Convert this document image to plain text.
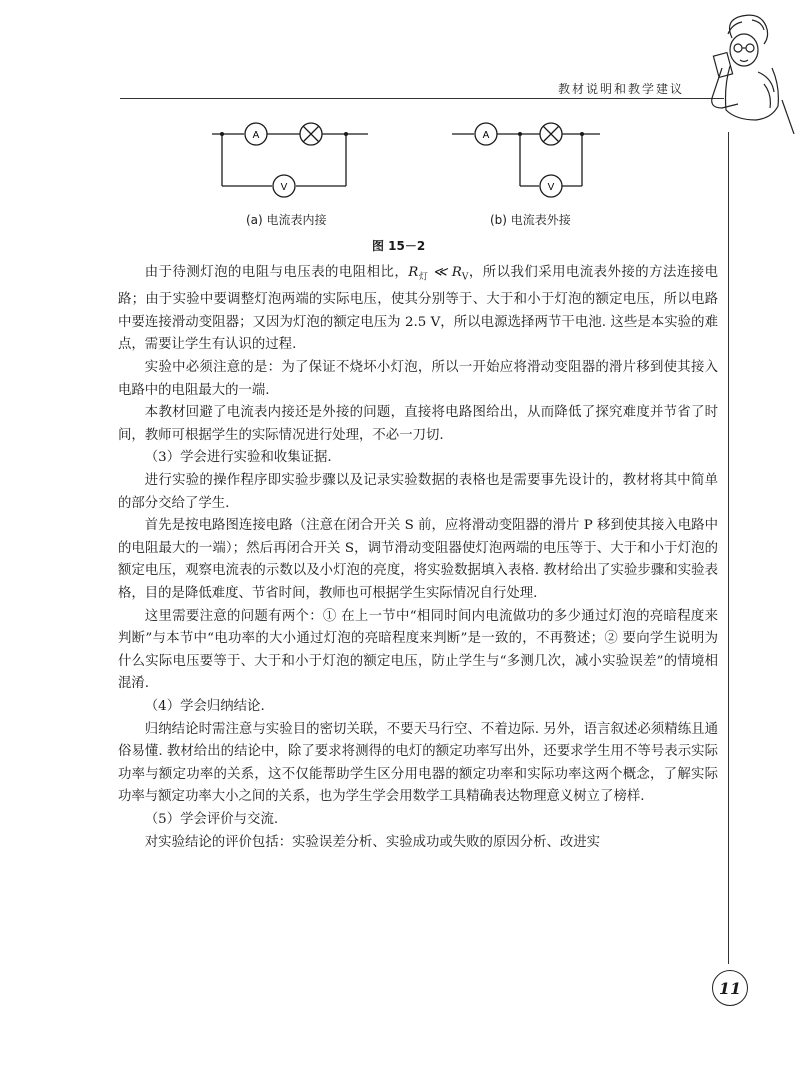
教材说明和教学建议
A
V
(a) 电流表内接
A
V
(b) 电流表外接
图 15－2

由于待测灯泡的电阻与电压表的电阻相比，$R_灯$ ≪ $R_V$，所以我们采用电流表外接的方法连接电路；由于实验中要调整灯泡两端的实际电压，使其分别等于、大于和小于灯泡的额定电压，所以电路中要连接滑动变阻器；又因为灯泡的额定电压为 2.5 V，所以电源选择两节干电池. 这些是本实验的难点，需要让学生有认识的过程.

实验中必须注意的是：为了保证不烧坏小灯泡，所以一开始应将滑动变阻器的滑片移到使其接入电路中的电阻最大的一端.

本教材回避了电流表内接还是外接的问题，直接将电路图给出，从而降低了探究难度并节省了时间，教师可根据学生的实际情况进行处理，不必一刀切.

（3）学会进行实验和收集证据.

进行实验的操作程序即实验步骤以及记录实验数据的表格也是需要事先设计的，教材将其中简单的部分交给了学生.

首先是按电路图连接电路（注意在闭合开关 S 前，应将滑动变阻器的滑片 P 移到使其接入电路中的电阻最大的一端）；然后再闭合开关 S，调节滑动变阻器使灯泡两端的电压等于、大于和小于灯泡的额定电压，观察电流表的示数以及小灯泡的亮度，将实验数据填入表格. 教材给出了实验步骤和实验表格，目的是降低难度、节省时间，教师也可根据学生实际情况自行处理.

这里需要注意的问题有两个：① 在上一节中“相同时间内电流做功的多少通过灯泡的亮暗程度来判断”与本节中“电功率的大小通过灯泡的亮暗程度来判断”是一致的，不再赘述；② 要向学生说明为什么实际电压要等于、大于和小于灯泡的额定电压，防止学生与“多测几次，减小实验误差”的情境相混淆.

（4）学会归纳结论.

归纳结论时需注意与实验目的密切关联，不要天马行空、不着边际. 另外，语言叙述必须精练且通俗易懂. 教材给出的结论中，除了要求将测得的电灯的额定功率写出外，还要求学生用不等号表示实际功率与额定功率的关系，这不仅能帮助学生区分用电器的额定功率和实际功率这两个概念，了解实际功率与额定功率大小之间的关系，也为学生学会用数学工具精确表达物理意义树立了榜样.

（5）学会评价与交流.

对实验结论的评价包括：实验误差分析、实验成功或失败的原因分析、改进实

11
